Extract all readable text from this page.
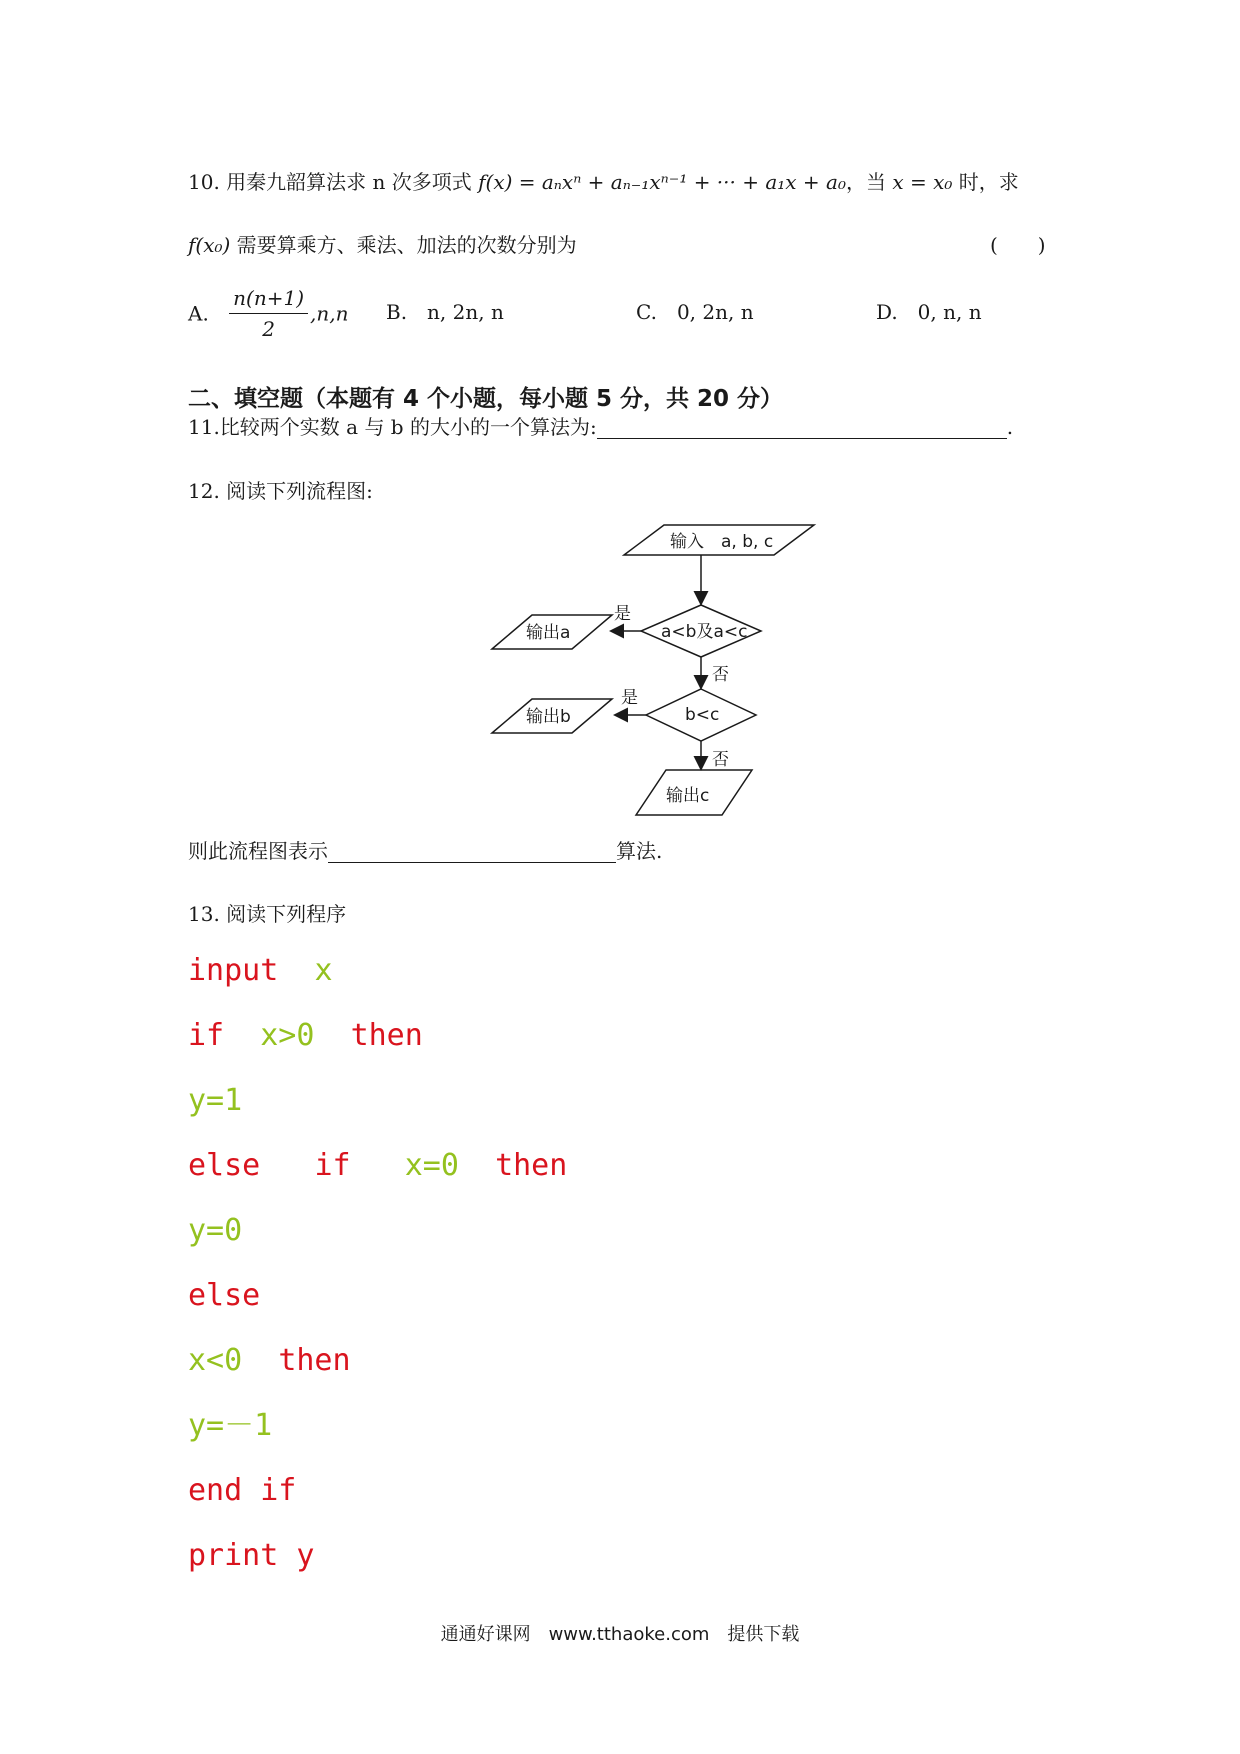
10. 用秦九韶算法求 n 次多项式 f(x) = aₙxⁿ + aₙ₋₁xⁿ⁻¹ + ··· + a₁x + a₀，当 x = x₀ 时，求
f(x₀) 需要算乘方、乘法、加法的次数分别为	(　　)
A. $\frac{n(n+1)}{2} ,n,n$ B.　n, 2n, n	C.　0, 2n, n	D.　0, n, n
二、填空题（本题有 4 个小题，每小题 5 分，共 20 分）
11.比较两个实数 a 与 b 的大小的一个算法为:	.
12. 阅读下列流程图:
输入　a, b, c
a<b及a<c
b<c
输出a
输出b
输出c
是
否
是
否
则此流程图表示	算法.
13. 阅读下列程序
input x
if x>0 then
y=1
else if x=0 then
y=0
else
x<0 then
y=－1
end if
print y
通通好课网　www.tthaoke.com　提供下载
